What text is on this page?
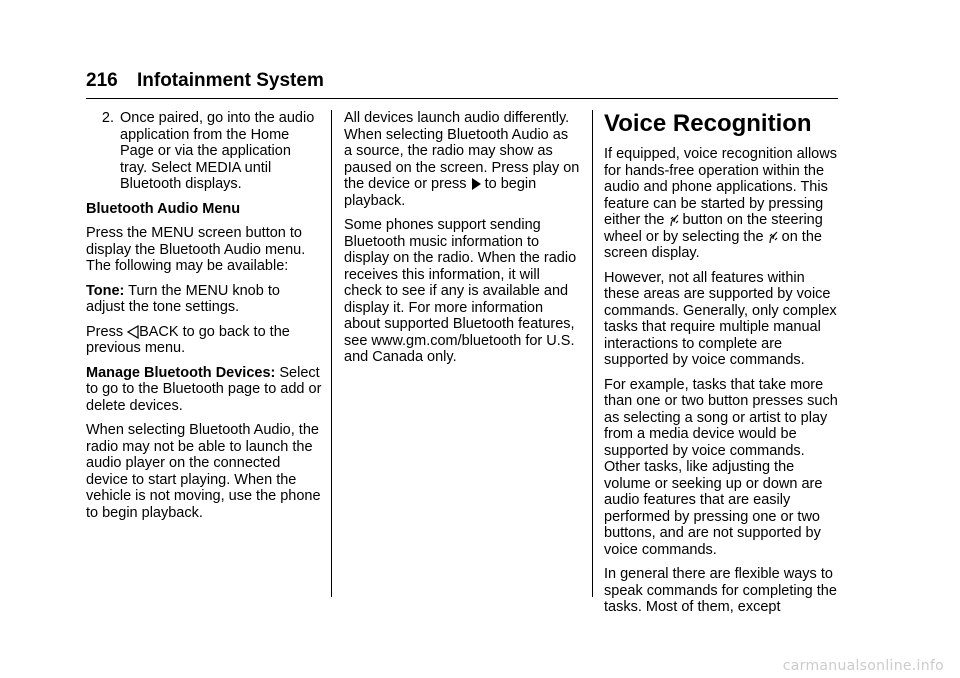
216 Infotainment System
2. Once paired, go into the audio application from the Home Page or via the application tray. Select MEDIA until Bluetooth displays.

Bluetooth Audio Menu

Press the MENU screen button to display the Bluetooth Audio menu. The following may be available:

Tone: Turn the MENU knob to adjust the tone settings.

Press BACK to go back to the previous menu.

Manage Bluetooth Devices: Select to go to the Bluetooth page to add or delete devices.

When selecting Bluetooth Audio, the radio may not be able to launch the audio player on the connected device to start playing. When the vehicle is not moving, use the phone to begin playback.

All devices launch audio differently. When selecting Bluetooth Audio as a source, the radio may show as paused on the screen. Press play on the device or press  to begin playback.

Some phones support sending Bluetooth music information to display on the radio. When the radio receives this information, it will check to see if any is available and display it. For more information about supported Bluetooth features, see www.gm.com/bluetooth for U.S. and Canada only.

Voice Recognition

If equipped, voice recognition allows for hands-free operation within the audio and phone applications. This feature can be started by pressing either the  button on the steering wheel or by selecting the  on the screen display.

However, not all features within these areas are supported by voice commands. Generally, only complex tasks that require multiple manual interactions to complete are supported by voice commands.

For example, tasks that take more than one or two button presses such as selecting a song or artist to play from a media device would be supported by voice commands. Other tasks, like adjusting the volume or seeking up or down are audio features that are easily performed by pressing one or two buttons, and are not supported by voice commands.

In general there are flexible ways to speak commands for completing the tasks. Most of them, except

carmanualsonline.info
